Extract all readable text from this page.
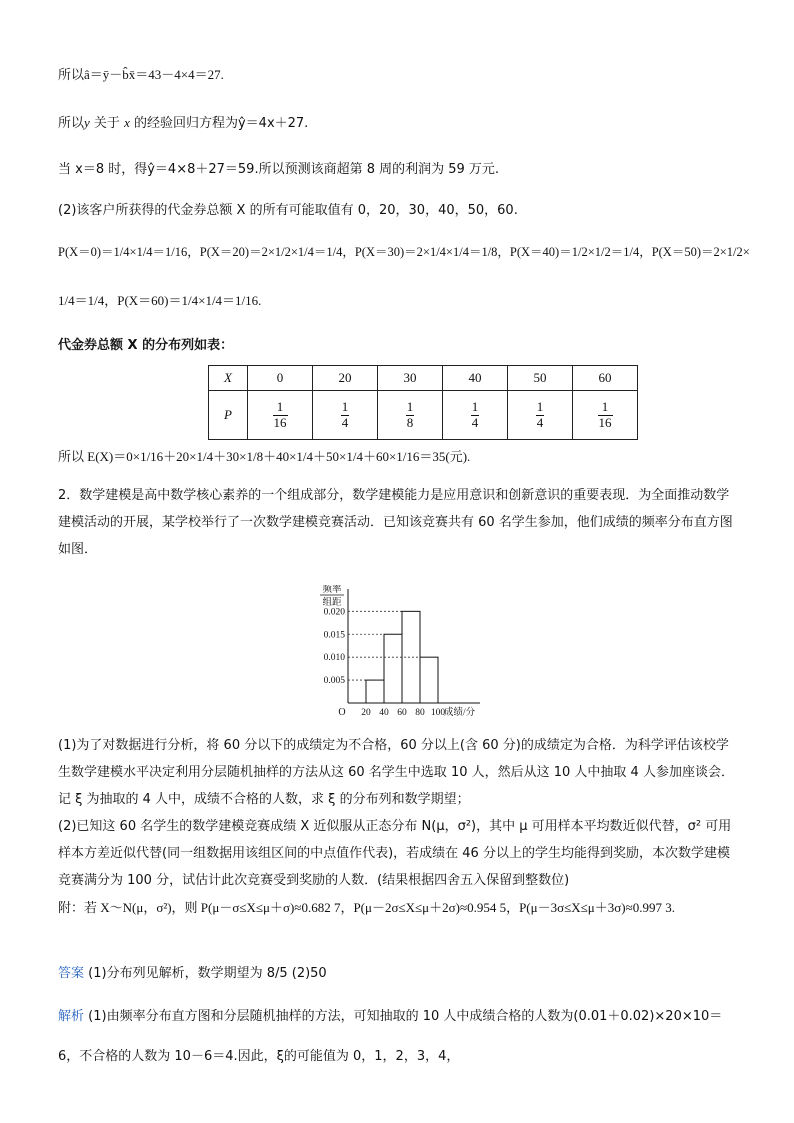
所以â＝ȳ－b̂x̄＝43－4×4＝27.
所以y 关于 x 的经验回归方程为ŷ＝4x＋27.
当 x＝8 时，得ŷ＝4×8＋27＝59.所以预测该商超第 8 周的利润为 59 万元.
(2)该客户所获得的代金券总额 X 的所有可能取值有 0，20，30，40，50，60.
P(X＝0)＝1/4×1/4＝1/16，P(X＝20)＝2×1/2×1/4＝1/4，P(X＝30)＝2×1/4×1/4＝1/8，P(X＝40)＝1/2×1/2＝1/4，P(X＝50)＝2×1/2×
1/4＝1/4，P(X＝60)＝1/4×1/4＝1/16.
代金券总额 X 的分布列如表：
X	0	20	30	40	50	60
P	$\frac{1}{16}$	$\frac{1}{4}$	$\frac{1}{8}$	$\frac{1}{4}$	$\frac{1}{4}$	$\frac{1}{16}$
所以 E(X)＝0×1/16＋20×1/4＋30×1/8＋40×1/4＋50×1/4＋60×1/16＝35(元).
2．数学建模是高中数学核心素养的一个组成部分，数学建模能力是应用意识和创新意识的重要表现．为全面推动数学建模活动的开展，某学校举行了一次数学建模竞赛活动．已知该竞赛共有 60 名学生参加，他们成绩的频率分布直方图如图．
0.005
0.010
0.015
0.020
20 40 60 80 100
O	成绩/分
频率
组距
(1)为了对数据进行分析，将 60 分以下的成绩定为不合格，60 分以上(含 60 分)的成绩定为合格．为科学评估该校学生数学建模水平决定利用分层随机抽样的方法从这 60 名学生中选取 10 人，然后从这 10 人中抽取 4 人参加座谈会．记 ξ 为抽取的 4 人中，成绩不合格的人数，求 ξ 的分布列和数学期望；
(2)已知这 60 名学生的数学建模竞赛成绩 X 近似服从正态分布 N(μ，σ²)，其中 μ 可用样本平均数近似代替，σ² 可用样本方差近似代替(同一组数据用该组区间的中点值作代表)，若成绩在 46 分以上的学生均能得到奖励，本次数学建模竞赛满分为 100 分，试估计此次竞赛受到奖励的人数．(结果根据四舍五入保留到整数位)
附：若 X～N(μ，σ²)，则 P(μ－σ≤X≤μ＋σ)≈0.682 7，P(μ－2σ≤X≤μ＋2σ)≈0.954 5，P(μ－3σ≤X≤μ＋3σ)≈0.997 3.
答案 (1)分布列见解析，数学期望为 8/5 (2)50
解析 (1)由频率分布直方图和分层随机抽样的方法，可知抽取的 10 人中成绩合格的人数为(0.01＋0.02)×20×10＝6，不合格的人数为 10－6＝4.因此，ξ的可能值为 0，1，2，3，4，
